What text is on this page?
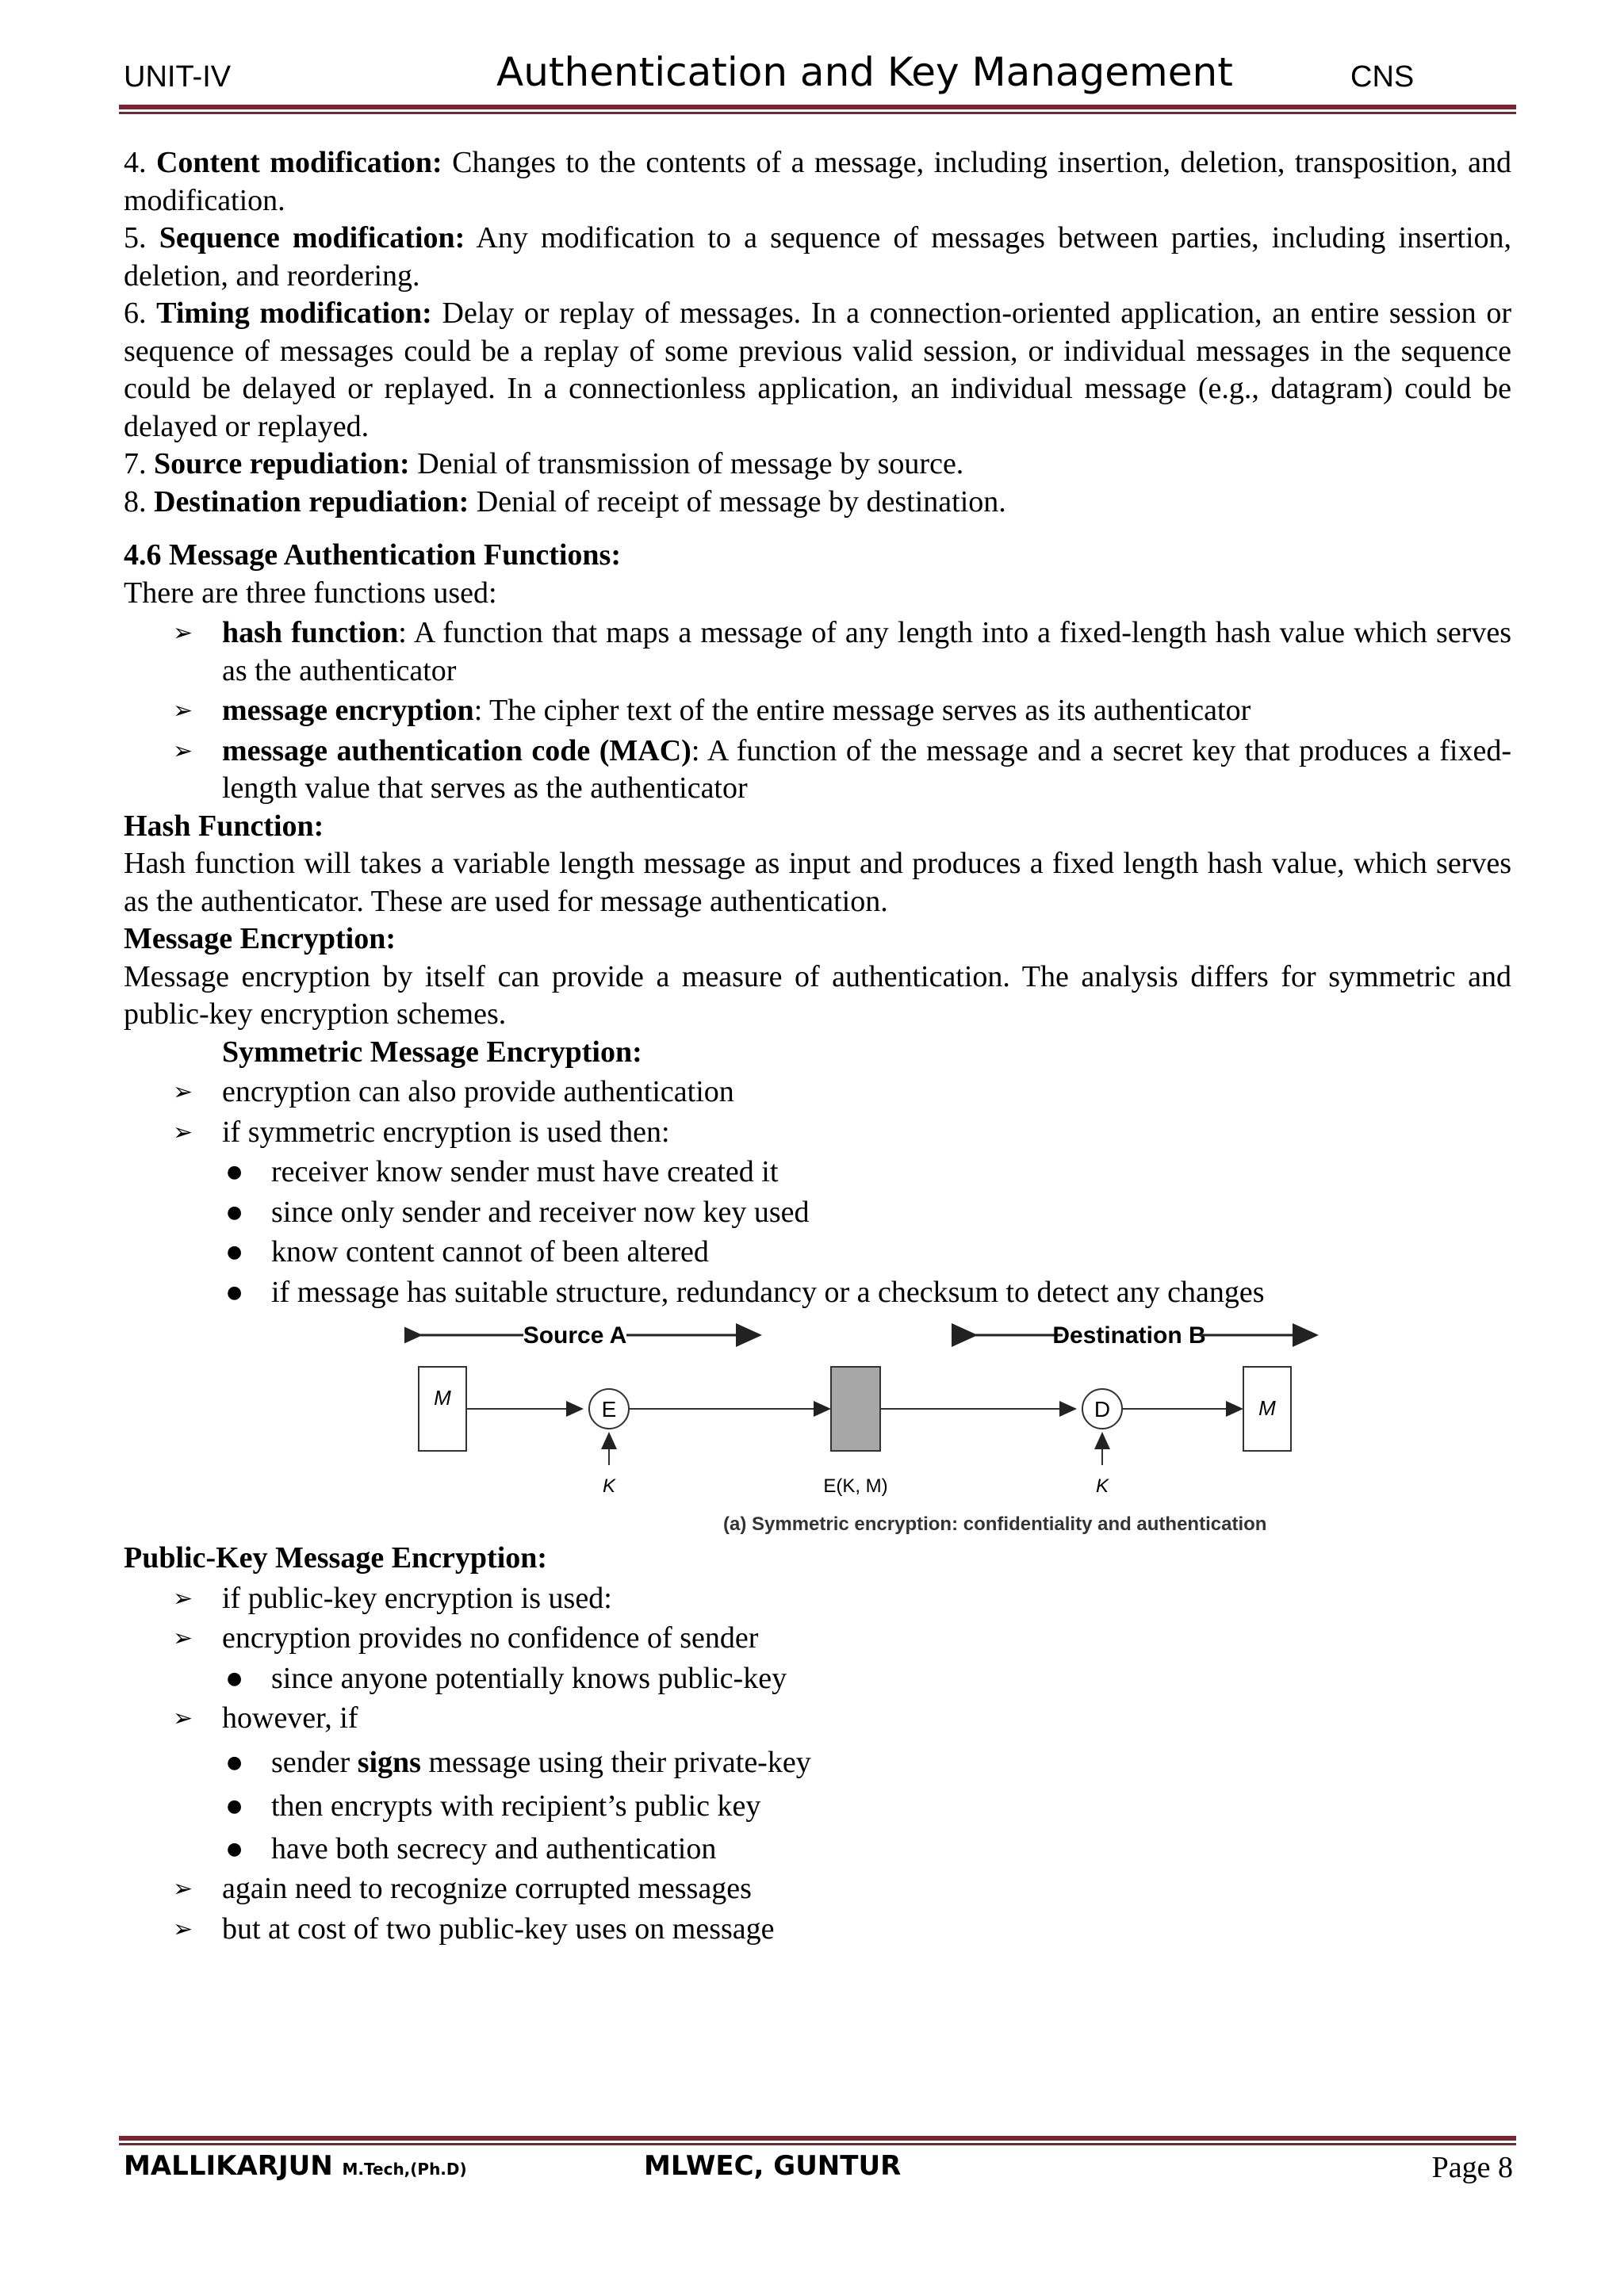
UNIT-IV	Authentication and Key Management	CNS
4. Content modification: Changes to the contents of a message, including insertion, deletion, transposition, and modification.
5. Sequence modification: Any modification to a sequence of messages between parties, including insertion, deletion, and reordering.
6. Timing modification: Delay or replay of messages. In a connection-oriented application, an entire session or sequence of messages could be a replay of some previous valid session, or individual messages in the sequence could be delayed or replayed. In a connectionless application, an individual message (e.g., datagram) could be delayed or replayed.
7. Source repudiation: Denial of transmission of message by source.
8. Destination repudiation: Denial of receipt of message by destination.
4.6 Message Authentication Functions:
There are three functions used:
➢ hash function: A function that maps a message of any length into a fixed-length hash value which serves as the authenticator
➢ message encryption: The cipher text of the entire message serves as its authenticator
➢ message authentication code (MAC): A function of the message and a secret key that produces a fixed-length value that serves as the authenticator
Hash Function:
Hash function will takes a variable length message as input and produces a fixed length hash value, which serves as the authenticator. These are used for message authentication.
Message Encryption:
Message encryption by itself can provide a measure of authentication. The analysis differs for symmetric and public-key encryption schemes.
Symmetric Message Encryption:
➢ encryption can also provide authentication
➢ if symmetric encryption is used then:
● receiver know sender must have created it
● since only sender and receiver now key used
● know content cannot of been altered
● if message has suitable structure, redundancy or a checksum to detect any changes
Source A	Destination B
M	E
K	E(K, M)
D
K
M
(a) Symmetric encryption: confidentiality and authentication
Public-Key Message Encryption:
➢ if public-key encryption is used:
➢ encryption provides no confidence of sender
● since anyone potentially knows public-key
➢ however, if
● sender signs message using their private-key
● then encrypts with recipient’s public key
● have both secrecy and authentication
➢ again need to recognize corrupted messages
➢ but at cost of two public-key uses on message
MALLIKARJUN M.Tech,(Ph.D)	MLWEC, GUNTUR	Page 8
